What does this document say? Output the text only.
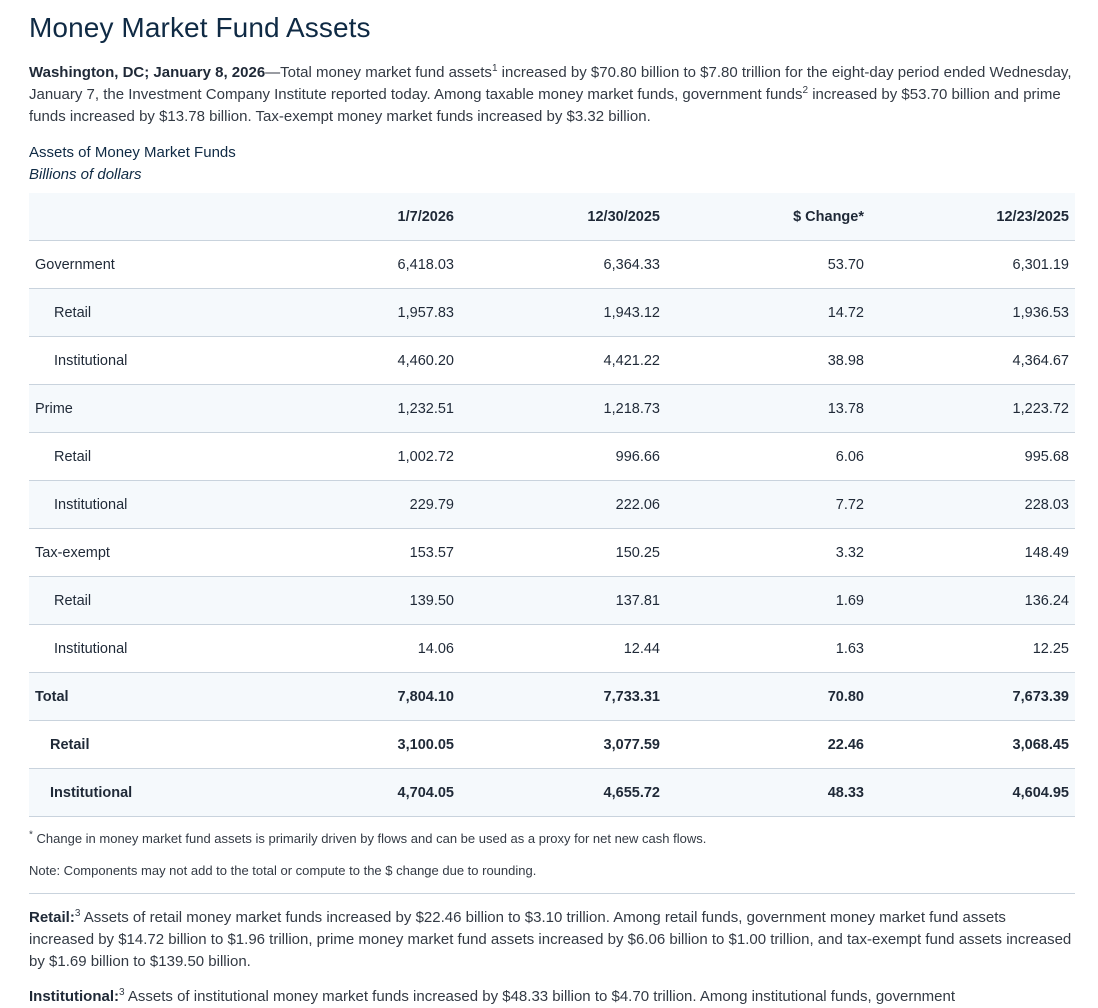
Money Market Fund Assets

Washington, DC; January 8, 2026—Total money market fund assets$^1$ increased by $70.80 billion to $7.80 trillion for the eight-day period ended Wednesday, January 7, the Investment Company Institute reported today. Among taxable money market funds, government funds$^2$ increased by $53.70 billion and prime funds increased by $13.78 billion. Tax-exempt money market funds increased by $3.32 billion.

Assets of Money Market Funds
Billions of dollars
	1/7/2026	12/30/2025	$ Change*	12/23/2025
Government	6,418.03	6,364.33	53.70	6,301.19
Retail	1,957.83	1,943.12	14.72	1,936.53
Institutional	4,460.20	4,421.22	38.98	4,364.67
Prime	1,232.51	1,218.73	13.78	1,223.72
Retail	1,002.72	996.66	6.06	995.68
Institutional	229.79	222.06	7.72	228.03
Tax-exempt	153.57	150.25	3.32	148.49
Retail	139.50	137.81	1.69	136.24
Institutional	14.06	12.44	1.63	12.25
Total	7,804.10	7,733.31	70.80	7,673.39
Retail	3,100.05	3,077.59	22.46	3,068.45
Institutional	4,704.05	4,655.72	48.33	4,604.95
* Change in money market fund assets is primarily driven by flows and can be used as a proxy for net new cash flows.
Note: Components may not add to the total or compute to the $ change due to rounding.
Retail:$^3$ Assets of retail money market funds increased by $22.46 billion to $3.10 trillion. Among retail funds, government money market fund assets increased by $14.72 billion to $1.96 trillion, prime money market fund assets increased by $6.06 billion to $1.00 trillion, and tax-exempt fund assets increased by $1.69 billion to $139.50 billion.
Institutional:$^3$ Assets of institutional money market funds increased by $48.33 billion to $4.70 trillion. Among institutional funds, government
